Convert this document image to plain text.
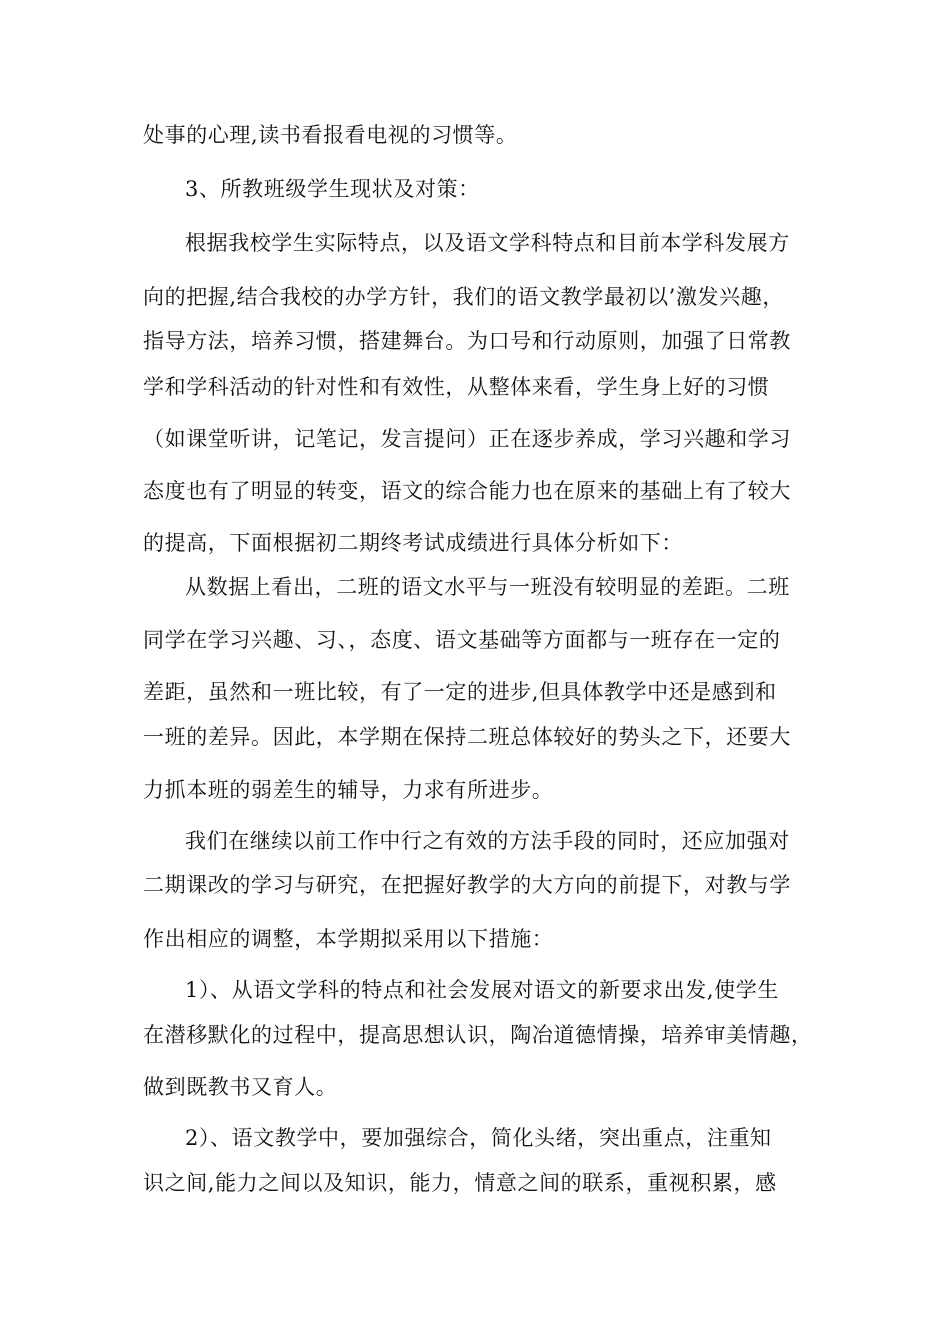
处事的心理,读书看报看电视的习惯等。
3、所教班级学生现状及对策：
根据我校学生实际特点，以及语文学科特点和目前本学科发展方
向的把握,结合我校的办学方针，我们的语文教学最初以’激发兴趣，
指导方法，培养习惯，搭建舞台。为口号和行动原则，加强了日常教
学和学科活动的针对性和有效性，从整体来看，学生身上好的习惯
（如课堂听讲，记笔记，发言提问）正在逐步养成，学习兴趣和学习
态度也有了明显的转变，语文的综合能力也在原来的基础上有了较大
的提高，下面根据初二期终考试成绩进行具体分析如下：
从数据上看出，二班的语文水平与一班没有较明显的差距。二班
同学在学习兴趣、习、，态度、语文基础等方面都与一班存在一定的
差距，虽然和一班比较，有了一定的进步,但具体教学中还是感到和
一班的差异。因此，本学期在保持二班总体较好的势头之下，还要大
力抓本班的弱差生的辅导，力求有所进步。
我们在继续以前工作中行之有效的方法手段的同时，还应加强对
二期课改的学习与研究，在把握好教学的大方向的前提下，对教与学
作出相应的调整，本学期拟采用以下措施：
1）、从语文学科的特点和社会发展对语文的新要求出发,使学生
在潜移默化的过程中，提高思想认识，陶冶道德情操，培养审美情趣，
做到既教书又育人。
2）、语文教学中，要加强综合，简化头绪，突出重点，注重知
识之间,能力之间以及知识，能力，情意之间的联系，重视积累，感
